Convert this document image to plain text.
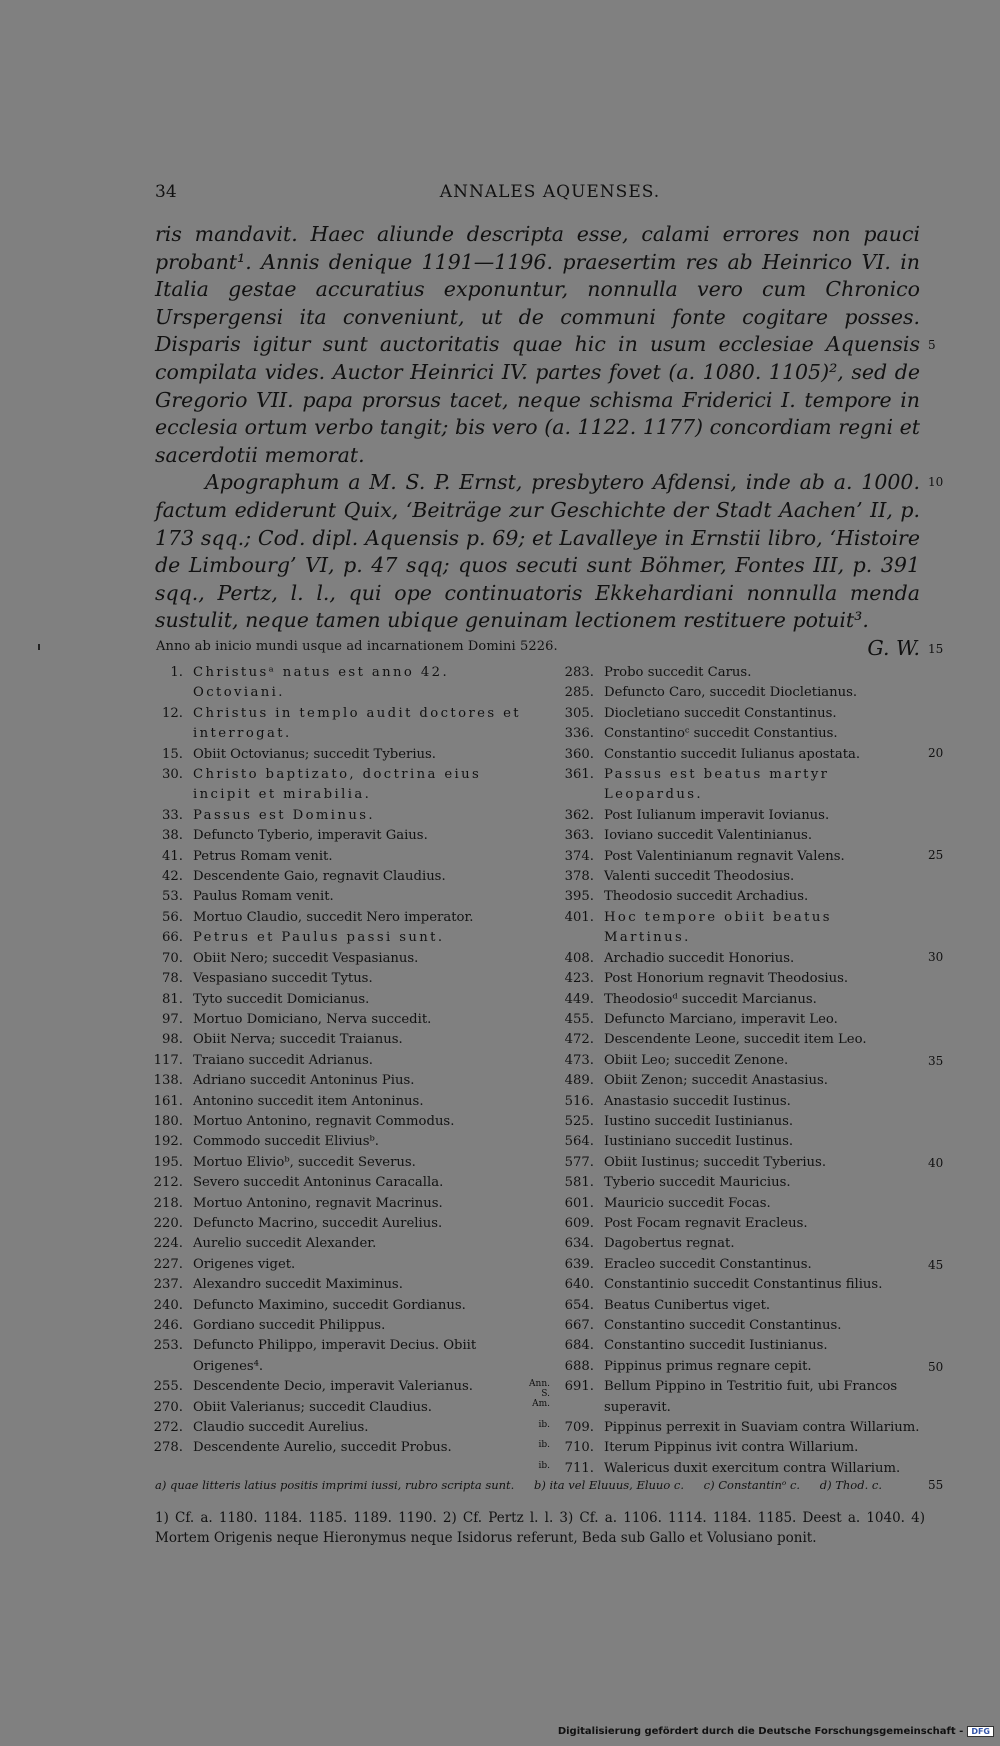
34	ANNALES AQUENSES.

ris mandavit. Haec aliunde descripta esse, calami errores non pauci probant¹. Annis denique 1191—1196. praesertim res ab Heinrico VI. in Italia gestae accuratius exponuntur, nonnulla vero cum Chronico Urspergensi ita conveniunt, ut de communi fonte cogitare posses. Disparis igitur sunt auctoritatis quae hic in usum ecclesiae Aquensis compilata vides. Auctor Heinrici IV. partes fovet (a. 1080. 1105)², sed de Gregorio VII. papa prorsus tacet, neque schisma Friderici I. tempore in ecclesia ortum verbo tangit; bis vero (a. 1122. 1177) concordiam regni et sacerdotii memorat.

Apographum a M. S. P. Ernst, presbytero Afdensi, inde ab a. 1000. factum ediderunt Quix, ‘Beiträge zur Geschichte der Stadt Aachen’ II, p. 173 sqq.; Cod. dipl. Aquensis p. 69; et Lavalleye in Ernstii libro, ‘Histoire de Limbourg’ VI, p. 47 sqq; quos secuti sunt Böhmer, Fontes III, p. 391 sqq., Pertz, l. l., qui ope continuatoris Ekkehardiani nonnulla menda sustulit, neque tamen ubique genuinam lectionem restituere potuit³.
G. W.

5
10
15
20
25
30
35
40
45
50
55
Anno ab inicio mundi usque ad incarnationem Domini 5226.
1. Christusᵃ natus est anno 42. Octoviani.
12. Christus in templo audit doctores et interrogat.
15. Obiit Octovianus; succedit Tyberius.
30. Christo baptizato, doctrina eius incipit et mirabilia.
33. Passus est Dominus.
38. Defuncto Tyberio, imperavit Gaius.
41. Petrus Romam venit.
42. Descendente Gaio, regnavit Claudius.
53. Paulus Romam venit.
56. Mortuo Claudio, succedit Nero imperator.
66. Petrus et Paulus passi sunt.
70. Obiit Nero; succedit Vespasianus.
78. Vespasiano succedit Tytus.
81. Tyto succedit Domicianus.
97. Mortuo Domiciano, Nerva succedit.
98. Obiit Nerva; succedit Traianus.
117. Traiano succedit Adrianus.
138. Adriano succedit Antoninus Pius.
161. Antonino succedit item Antoninus.
180. Mortuo Antonino, regnavit Commodus.
192. Commodo succedit Eliviusᵇ.
195. Mortuo Elivioᵇ, succedit Severus.
212. Severo succedit Antoninus Caracalla.
218. Mortuo Antonino, regnavit Macrinus.
220. Defuncto Macrino, succedit Aurelius.
224. Aurelio succedit Alexander.
227. Origenes viget.
237. Alexandro succedit Maximinus.
240. Defuncto Maximino, succedit Gordianus.
246. Gordiano succedit Philippus.
253. Defuncto Philippo, imperavit Decius. Obiit Origenes⁴.
255. Descendente Decio, imperavit Valerianus.
270. Obiit Valerianus; succedit Claudius.
272. Claudio succedit Aurelius.
278. Descendente Aurelio, succedit Probus.
283. Probo succedit Carus.
285. Defuncto Caro, succedit Diocletianus.
305. Diocletiano succedit Constantinus.
336. Constantinoᶜ succedit Constantius.
360. Constantio succedit Iulianus apostata.
361. Passus est beatus martyr Leopardus.
362. Post Iulianum imperavit Iovianus.
363. Ioviano succedit Valentinianus.
374. Post Valentinianum regnavit Valens.
378. Valenti succedit Theodosius.
395. Theodosio succedit Archadius.
401. Hoc tempore obiit beatus Martinus.
408. Archadio succedit Honorius.
423. Post Honorium regnavit Theodosius.
449. Theodosioᵈ succedit Marcianus.
455. Defuncto Marciano, imperavit Leo.
472. Descendente Leone, succedit item Leo.
473. Obiit Leo; succedit Zenone.
489. Obiit Zenon; succedit Anastasius.
516. Anastasio succedit Iustinus.
525. Iustino succedit Iustinianus.
564. Iustiniano succedit Iustinus.
577. Obiit Iustinus; succedit Tyberius.
581. Tyberio succedit Mauricius.
601. Mauricio succedit Focas.
609. Post Focam regnavit Eracleus.
634. Dagobertus regnat.
639. Eracleo succedit Constantinus.
640. Constantinio succedit Constantinus filius.
654. Beatus Cunibertus viget.
667. Constantino succedit Constantinus.
684. Constantino succedit Iustinianus.
688. Pippinus primus regnare cepit.
Ann. S. Am.
691. Bellum Pippino in Testritio fuit, ubi Francos superavit.
ib.	709. Pippinus perrexit in Suaviam contra Willarium.
ib.	710. Iterum Pippinus ivit contra Willarium.
ib.	711. Walericus duxit exercitum contra Willarium.
a) quae litteris latius positis imprimi iussi, rubro scripta sunt. b) ita vel Eluuus, Eluuo c. c) Constantinᵒ c. d) Thod. c.

1) Cf. a. 1180. 1184. 1185. 1189. 1190. 2) Cf. Pertz l. l. 3) Cf. a. 1106. 1114. 1184. 1185. Deest a. 1040. 4) Mortem Origenis neque Hieronymus neque Isidorus referunt, Beda sub Gallo et Volusiano ponit.

Digitalisierung gefördert durch die Deutsche Forschungsgemeinschaft -	DFG
